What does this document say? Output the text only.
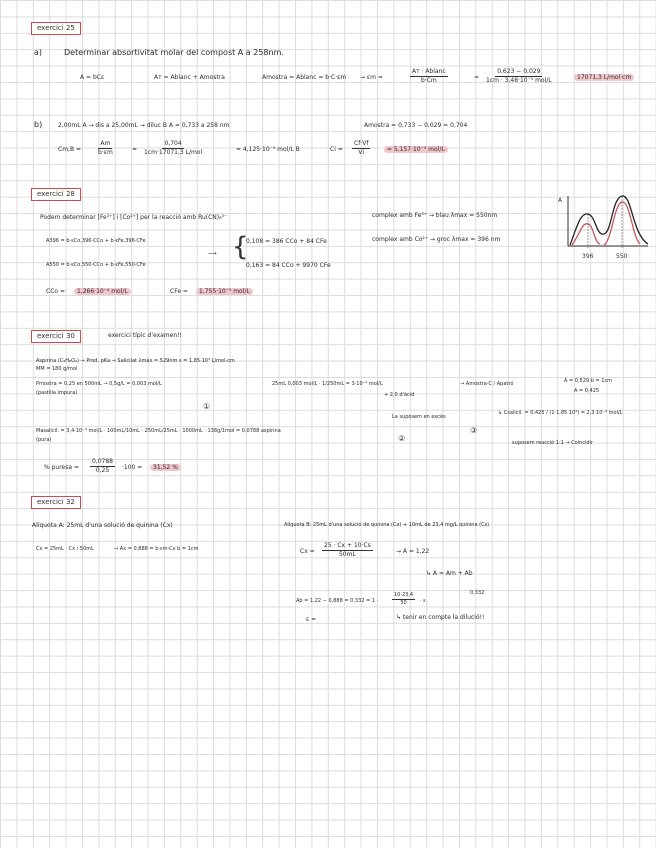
exercici 25
a)	Determinar absortivitat molar del compost A a 258nm.
A = bCε	Aт = Ablanc + Amostra	Amostra = Ablanc = b·C·εm → εm =	$\frac{\text{Aт · Ablanc}}{b\cdot Cm}$	= $\frac{0,623 - 0,029}{\text{1cm · 3,48·10⁻⁵ mol/L}}$	17071,3 L/mol·cm
b)	2,00mL A → dis a 25,00mL → diluc B A = 0,733 a 258 nm	Amostra = 0,733 − 0,029 = 0,704
Cm,B =	$\frac{Am}{b\cdot\varepsilon m}$	= $\frac{0,704}{\text{1cm·17071,3 L/mol}}$	= 4,125·10⁻⁵ mol/L B	$Ci = \frac{Cf\cdot Vf}{Vi}$	= 5,157·10⁻⁴ mol/L
exercici 28
Podem determinar [Fe³⁺] i [Co²⁺] per la reacció amb Ru(CN)₆³⁻	complex amb Fe³⁺ → blau λmax = 550nm
complex amb Co²⁺ → groc λmax = 396 nm
A396 = b·εCo,396·CCo + b·εFe,396·CFe
A550 = b·εCo,550·CCo + b·εFe,550·CFe
⟶ {
0,108 = 386 CCo + 84 CFe
0,163 = 84 CCo + 9970 CFe
CCo =	1,266·10⁻⁴ mol/L	CFe =	1,755·10⁻⁵ mol/L
A
396	550
exercici 30	exercici típic d'examen!!
Aspirina (C₉H₈O₄) → Prod. pKa → Salicilat λmax = 529nm ε = 1,85·10³ L/mol·cm
MM = 180 g/mol
Pmostra = 0,25 en 500mL → 0,5g/L = 0,003 mol/L
(pastilla impura)
25mL 0,003 mol/L · 1/250mL = 3·10⁻⁴ mol/L	→ Amostra·C / Apatró
+ 2,0 d'àcid
A = 0,529 b = 1cm
A = 0,425
①
Masalicil. = 3,4·10⁻⁴ mol/L · 100mL/10mL · 250mL/25mL · 1000mL · 138g/1mol = 0,0788 aspirina
(pura)
La suposem en excés
②
③
↳ Csalicil. = 0,425 / (1·1,85·10³) = 2,3·10⁻⁴ mol/L
suposem reacció 1:1 → Coincidir
% puresa = $\frac{0,0788}{0,25} \cdot 100$ =	31,52 %
exercici 32
Alíquota A: 25mL d'una solució de quinina (Cx)	Alíquota B: 25mL d'una solució de quinina (Cx) + 10mL de 23,4 mg/L quinina (Cs)
Cx = 25mL · Cx / 50mL	→ Ax = 0,888 = b·εm·Cx b = 1cm	$Cx = \frac{25 \cdot Cx + 10\cdot Cs}{50mL}$	→ A = 1,22
↳ A = Am + Ab
0,332
Ab = 1,22 − 0,888 = 0,332 = 1 ·	$\frac{10\cdot 23,4}{50} \cdot \varepsilon$
ε =	↳ tenir en compte la dilució!!
